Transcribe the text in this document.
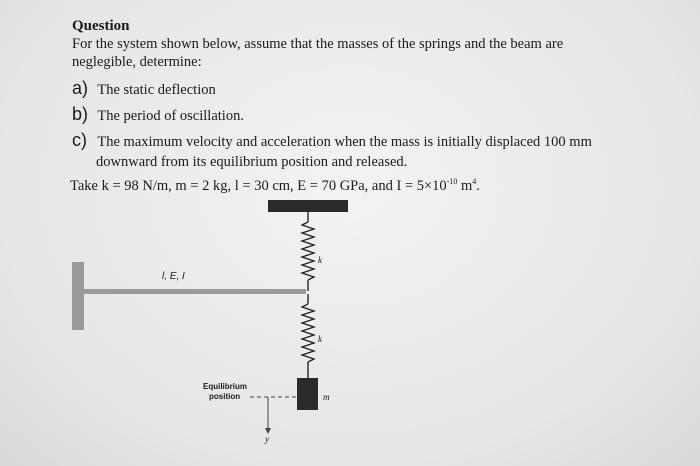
Question
For the system shown below, assume that the masses of the springs and the beam are
neglegible, determine:
a) The static deflection
b) The period of oscillation.
c) The maximum velocity and acceleration when the mass is initially displaced 100 mm
downward from its equilibrium position and released.
Take k = 98 N/m, m = 2 kg, l = 30 cm, E = 70 GPa, and $I = 5\times 10^{-10}$ $m^4$.
l, E, I
k
k
m
Equilibrium
position
y
